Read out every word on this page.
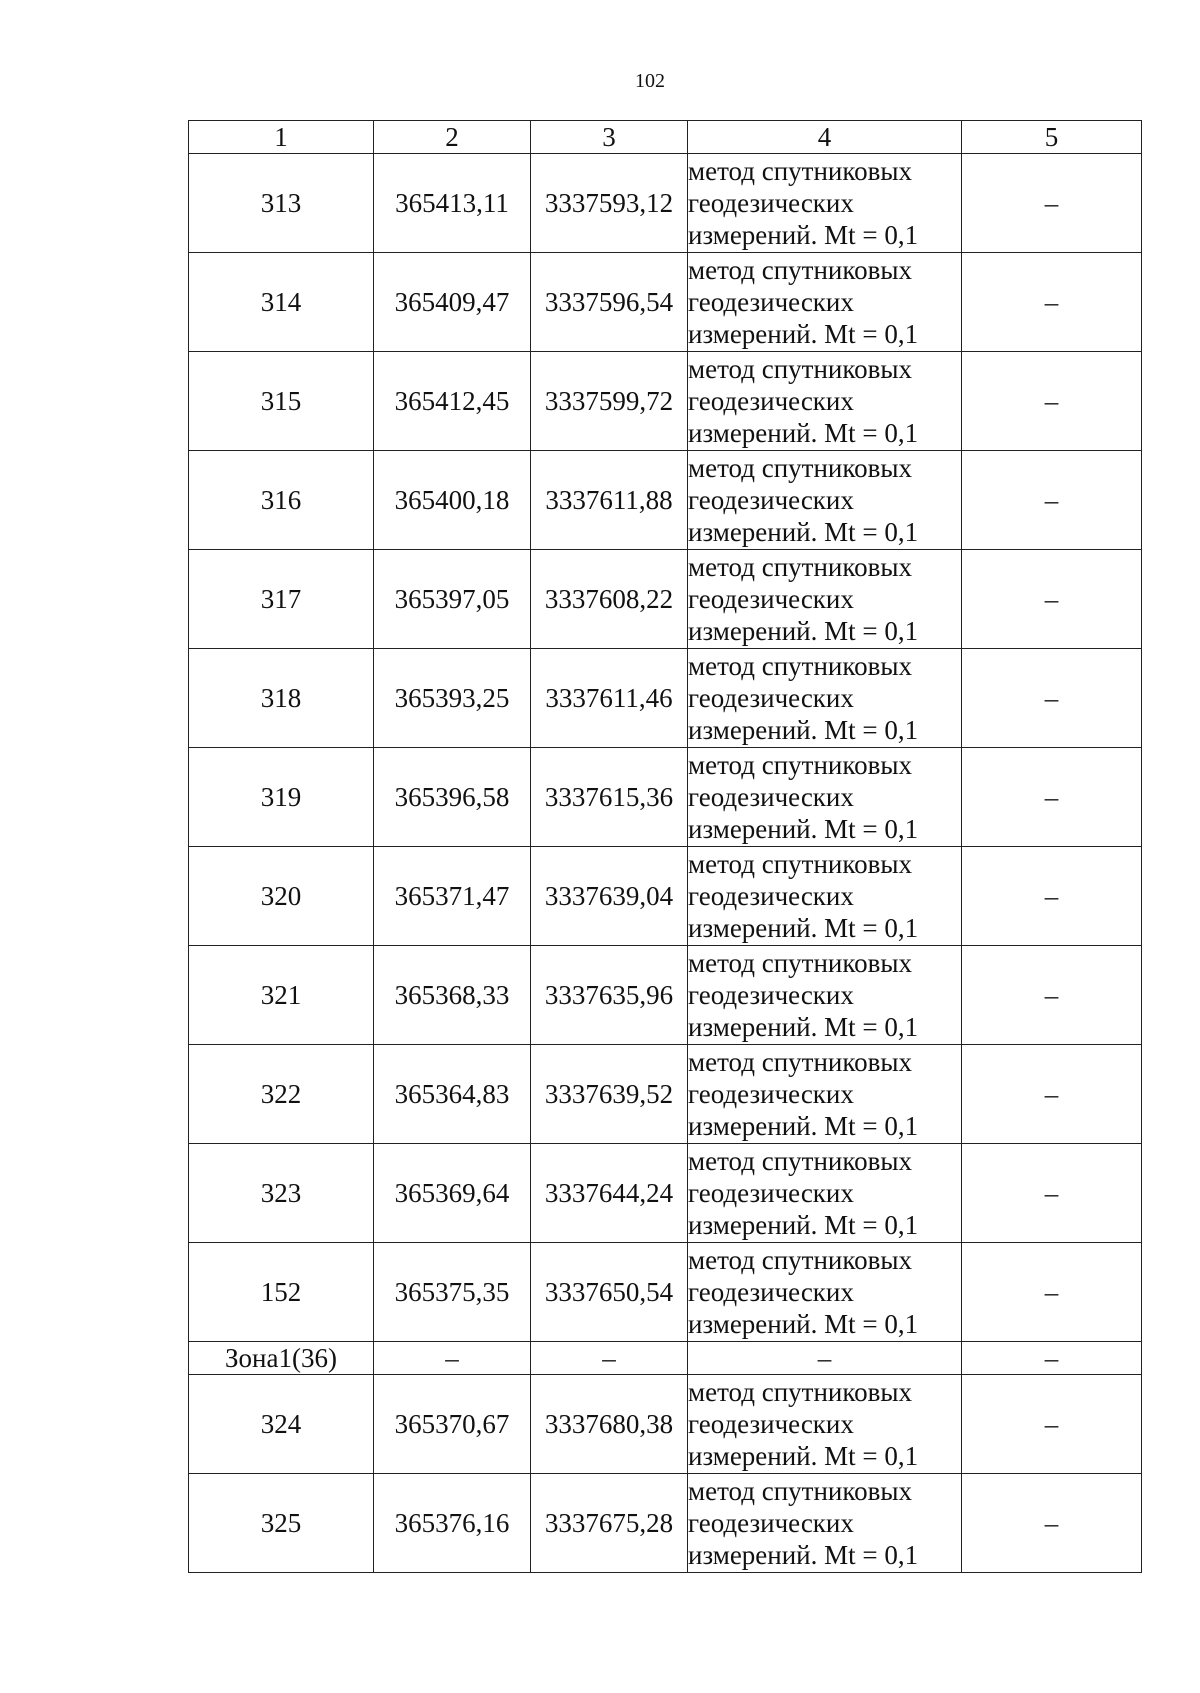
102
1	2	3	4	5
313	365413,11	3337593,12	метод спутниковых
геодезических
измерений. Mt = 0,1	–
314	365409,47	3337596,54	метод спутниковых
геодезических
измерений. Mt = 0,1	–
315	365412,45	3337599,72	метод спутниковых
геодезических
измерений. Mt = 0,1	–
316	365400,18	3337611,88	метод спутниковых
геодезических
измерений. Mt = 0,1	–
317	365397,05	3337608,22	метод спутниковых
геодезических
измерений. Mt = 0,1	–
318	365393,25	3337611,46	метод спутниковых
геодезических
измерений. Mt = 0,1	–
319	365396,58	3337615,36	метод спутниковых
геодезических
измерений. Mt = 0,1	–
320	365371,47	3337639,04	метод спутниковых
геодезических
измерений. Mt = 0,1	–
321	365368,33	3337635,96	метод спутниковых
геодезических
измерений. Mt = 0,1	–
322	365364,83	3337639,52	метод спутниковых
геодезических
измерений. Mt = 0,1	–
323	365369,64	3337644,24	метод спутниковых
геодезических
измерений. Mt = 0,1	–
152	365375,35	3337650,54	метод спутниковых
геодезических
измерений. Mt = 0,1	–
Зона1(36)	–	–	–	–
324	365370,67	3337680,38	метод спутниковых
геодезических
измерений. Mt = 0,1	–
325	365376,16	3337675,28	метод спутниковых
геодезических
измерений. Mt = 0,1	–
